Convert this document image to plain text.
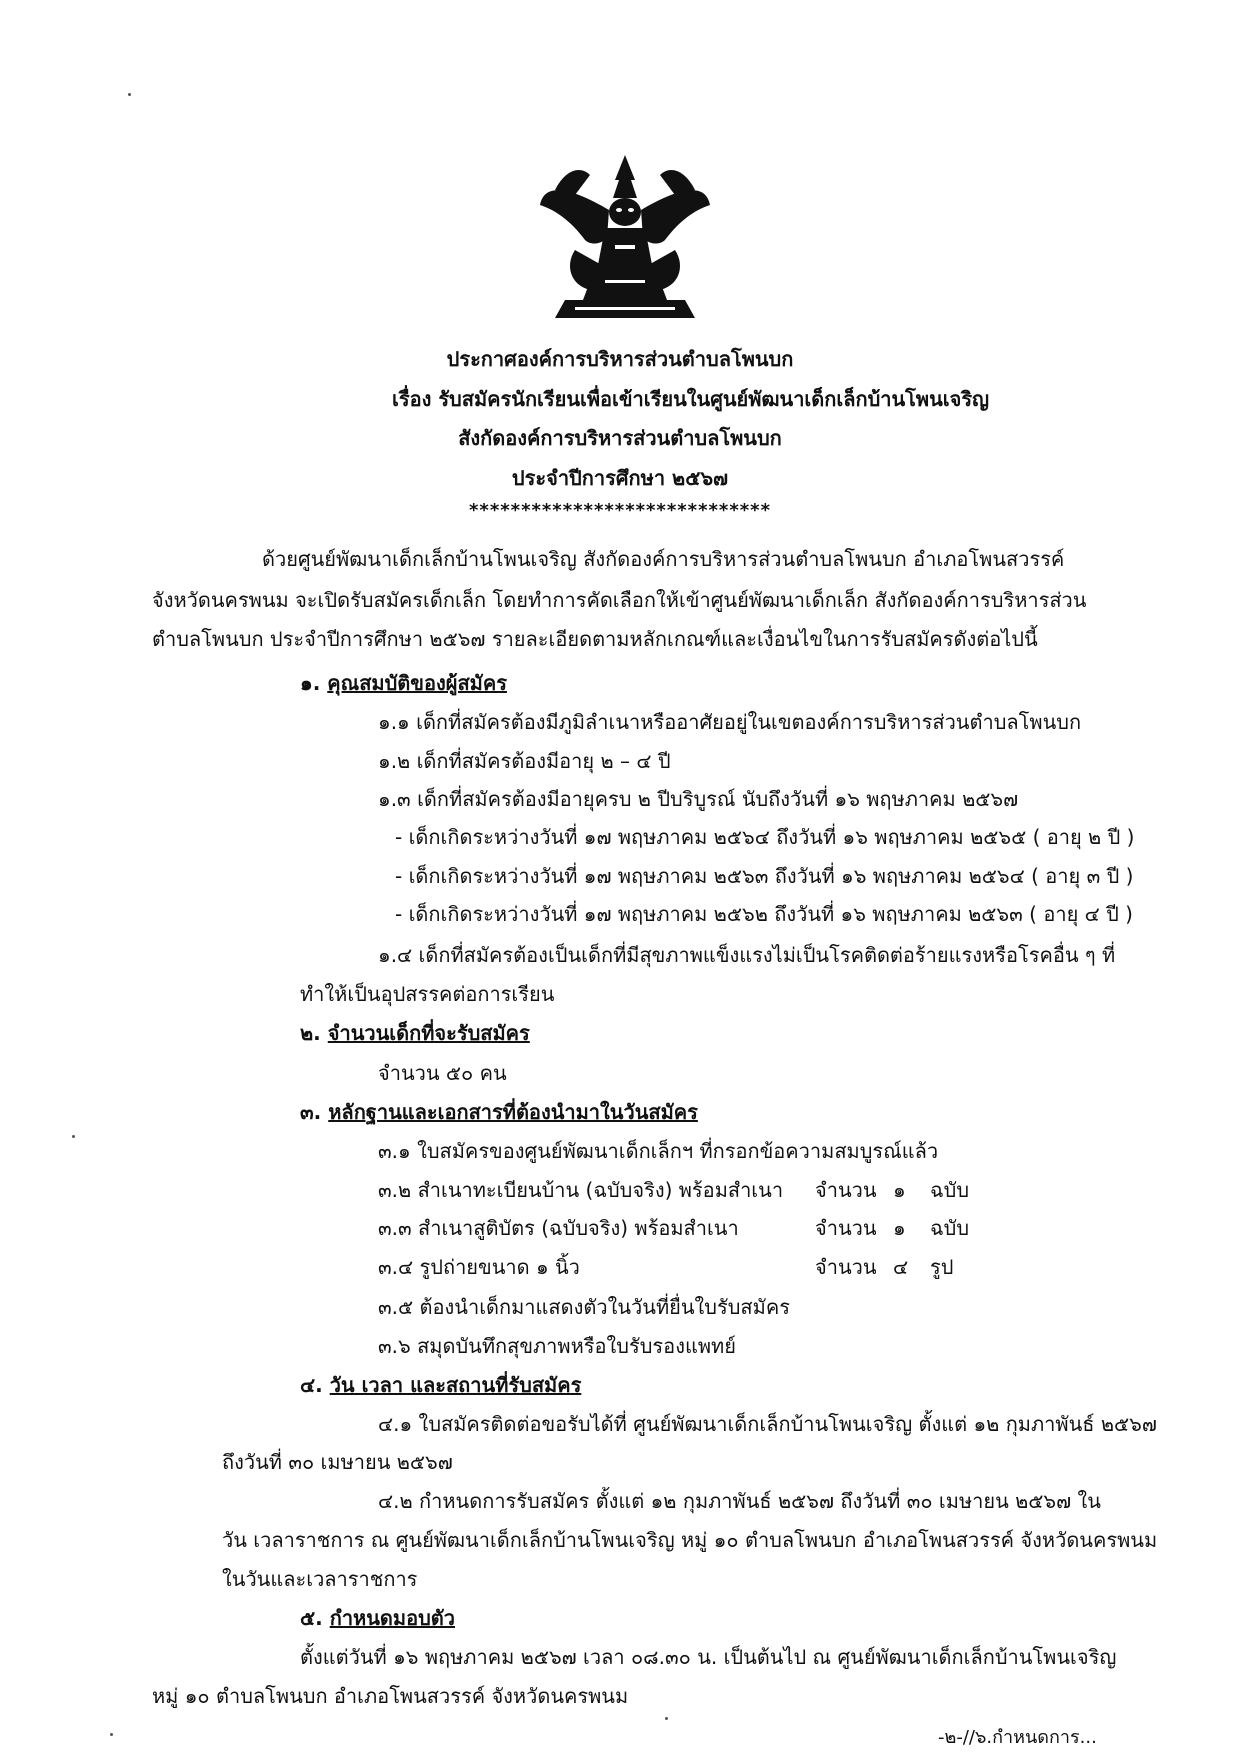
ประกาศองค์การบริหารส่วนตำบลโพนบก
เรื่อง รับสมัครนักเรียนเพื่อเข้าเรียนในศูนย์พัฒนาเด็กเล็กบ้านโพนเจริญ
สังกัดองค์การบริหารส่วนตำบลโพนบก
ประจำปีการศึกษา ๒๕๖๗
*****************************
ด้วยศูนย์พัฒนาเด็กเล็กบ้านโพนเจริญ สังกัดองค์การบริหารส่วนตำบลโพนบก อำเภอโพนสวรรค์
จังหวัดนครพนม จะเปิดรับสมัครเด็กเล็ก โดยทำการคัดเลือกให้เข้าศูนย์พัฒนาเด็กเล็ก สังกัดองค์การบริหารส่วน
ตำบลโพนบก ประจำปีการศึกษา ๒๕๖๗ รายละเอียดตามหลักเกณฑ์และเงื่อนไขในการรับสมัครดังต่อไปนี้
๑. คุณสมบัติของผู้สมัคร
๑.๑ เด็กที่สมัครต้องมีภูมิลำเนาหรืออาศัยอยู่ในเขตองค์การบริหารส่วนตำบลโพนบก
๑.๒ เด็กที่สมัครต้องมีอายุ ๒ – ๔ ปี
๑.๓ เด็กที่สมัครต้องมีอายุครบ ๒ ปีบริบูรณ์ นับถึงวันที่ ๑๖ พฤษภาคม ๒๕๖๗
- เด็กเกิดระหว่างวันที่ ๑๗ พฤษภาคม ๒๕๖๔ ถึงวันที่ ๑๖ พฤษภาคม ๒๕๖๕ ( อายุ ๒ ปี )
- เด็กเกิดระหว่างวันที่ ๑๗ พฤษภาคม ๒๕๖๓ ถึงวันที่ ๑๖ พฤษภาคม ๒๕๖๔ ( อายุ ๓ ปี )
- เด็กเกิดระหว่างวันที่ ๑๗ พฤษภาคม ๒๕๖๒ ถึงวันที่ ๑๖ พฤษภาคม ๒๕๖๓ ( อายุ ๔ ปี )
๑.๔ เด็กที่สมัครต้องเป็นเด็กที่มีสุขภาพแข็งแรงไม่เป็นโรคติดต่อร้ายแรงหรือโรคอื่น ๆ ที่
ทำให้เป็นอุปสรรคต่อการเรียน
๒. จำนวนเด็กที่จะรับสมัคร
จำนวน ๕๐ คน
๓. หลักฐานและเอกสารที่ต้องนำมาในวันสมัคร
๓.๑ ใบสมัครของศูนย์พัฒนาเด็กเล็กฯ ที่กรอกข้อความสมบูรณ์แล้ว
๓.๒ สำเนาทะเบียนบ้าน (ฉบับจริง) พร้อมสำเนา จำนวน ๑ ฉบับ
๓.๓ สำเนาสูติบัตร (ฉบับจริง) พร้อมสำเนา	จำนวน ๑ ฉบับ
๓.๔ รูปถ่ายขนาด ๑ นิ้ว	จำนวน ๔ รูป
๓.๕ ต้องนำเด็กมาแสดงตัวในวันที่ยื่นใบรับสมัคร
๓.๖ สมุดบันทึกสุขภาพหรือใบรับรองแพทย์
๔. วัน เวลา และสถานที่รับสมัคร
๔.๑ ใบสมัครติดต่อขอรับได้ที่ ศูนย์พัฒนาเด็กเล็กบ้านโพนเจริญ ตั้งแต่ ๑๒ กุมภาพันธ์ ๒๕๖๗
ถึงวันที่ ๓๐ เมษายน ๒๕๖๗
๔.๒ กำหนดการรับสมัคร ตั้งแต่ ๑๒ กุมภาพันธ์ ๒๕๖๗ ถึงวันที่ ๓๐ เมษายน ๒๕๖๗ ใน
วัน เวลาราชการ ณ ศูนย์พัฒนาเด็กเล็กบ้านโพนเจริญ หมู่ ๑๐ ตำบลโพนบก อำเภอโพนสวรรค์ จังหวัดนครพนม
ในวันและเวลาราชการ
๕. กำหนดมอบตัว
ตั้งแต่วันที่ ๑๖ พฤษภาคม ๒๕๖๗ เวลา ๐๘.๓๐ น. เป็นต้นไป ณ ศูนย์พัฒนาเด็กเล็กบ้านโพนเจริญ
หมู่ ๑๐ ตำบลโพนบก อำเภอโพนสวรรค์ จังหวัดนครพนม
-๒-//๖.กำหนดการ...
